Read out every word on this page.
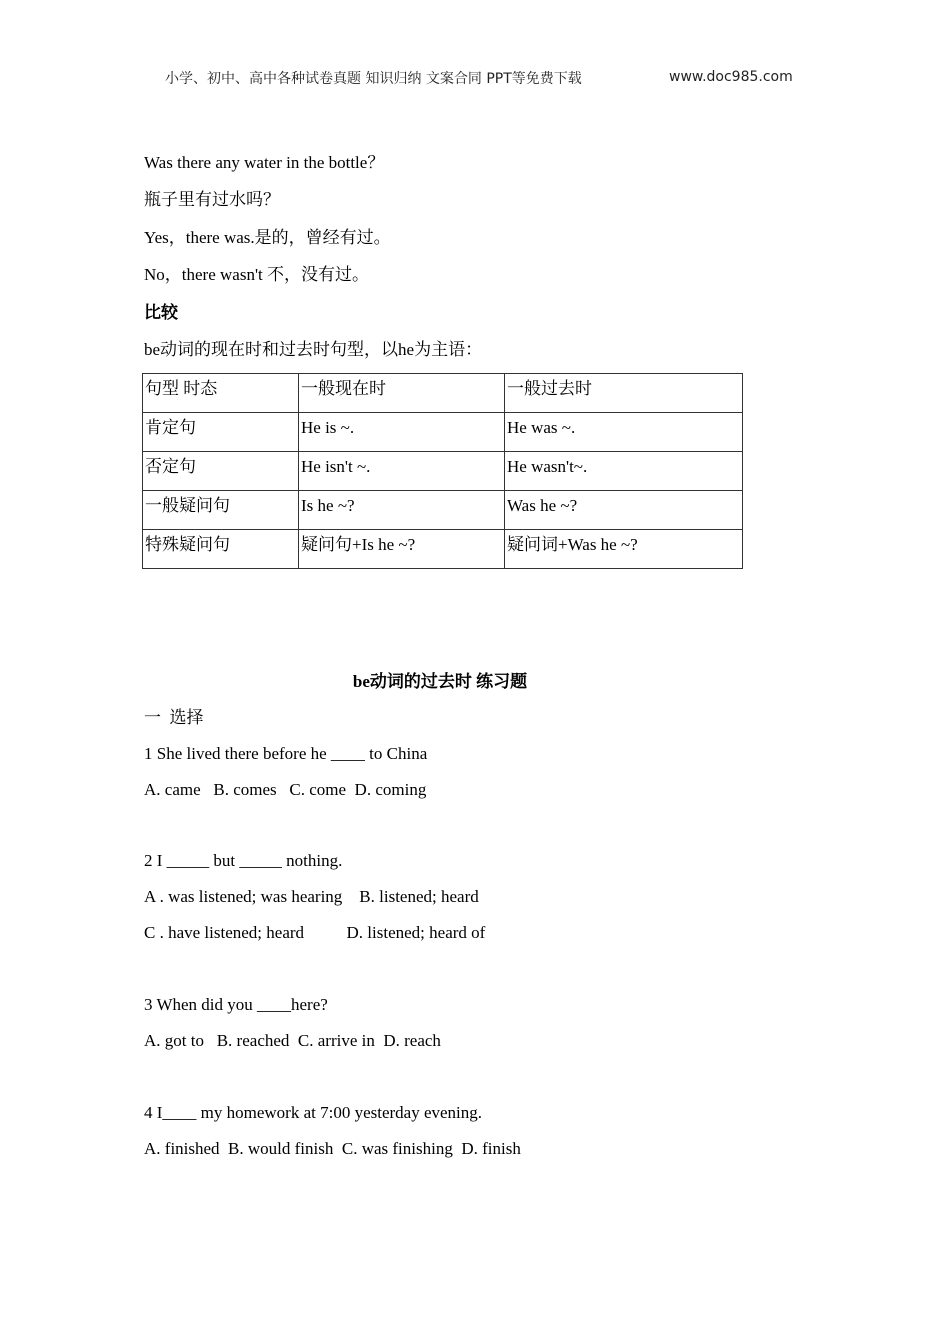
小学、初中、高中各种试卷真题 知识归纳 文案合同 PPT等免费下载	www.doc985.com
Was there any water in the bottle？
瓶子里有过水吗？
Yes，there was.是的，曾经有过。
No，there wasn't 不，没有过。
比较
be动词的现在时和过去时句型，以he为主语：
句型 时态	一般现在时	一般过去时
肯定句	He is ~.	He was ~.
否定句	He isn't ~.	He wasn't~.
一般疑问句	Is he ~?	Was he ~?
特殊疑问句	疑问句+Is he ~?	疑问词+Was he ~?
be动词的过去时 练习题
一  选择
1 She lived there before he ____ to China
A. came   B. comes   C. come  D. coming
2 I _____ but _____ nothing.
A . was listened; was hearing    B. listened; heard
C . have listened; heard          D. listened; heard of
3 When did you ____here?
A. got to   B. reached  C. arrive in  D. reach
4 I____ my homework at 7:00 yesterday evening.
A. finished  B. would finish  C. was finishing  D. finish
